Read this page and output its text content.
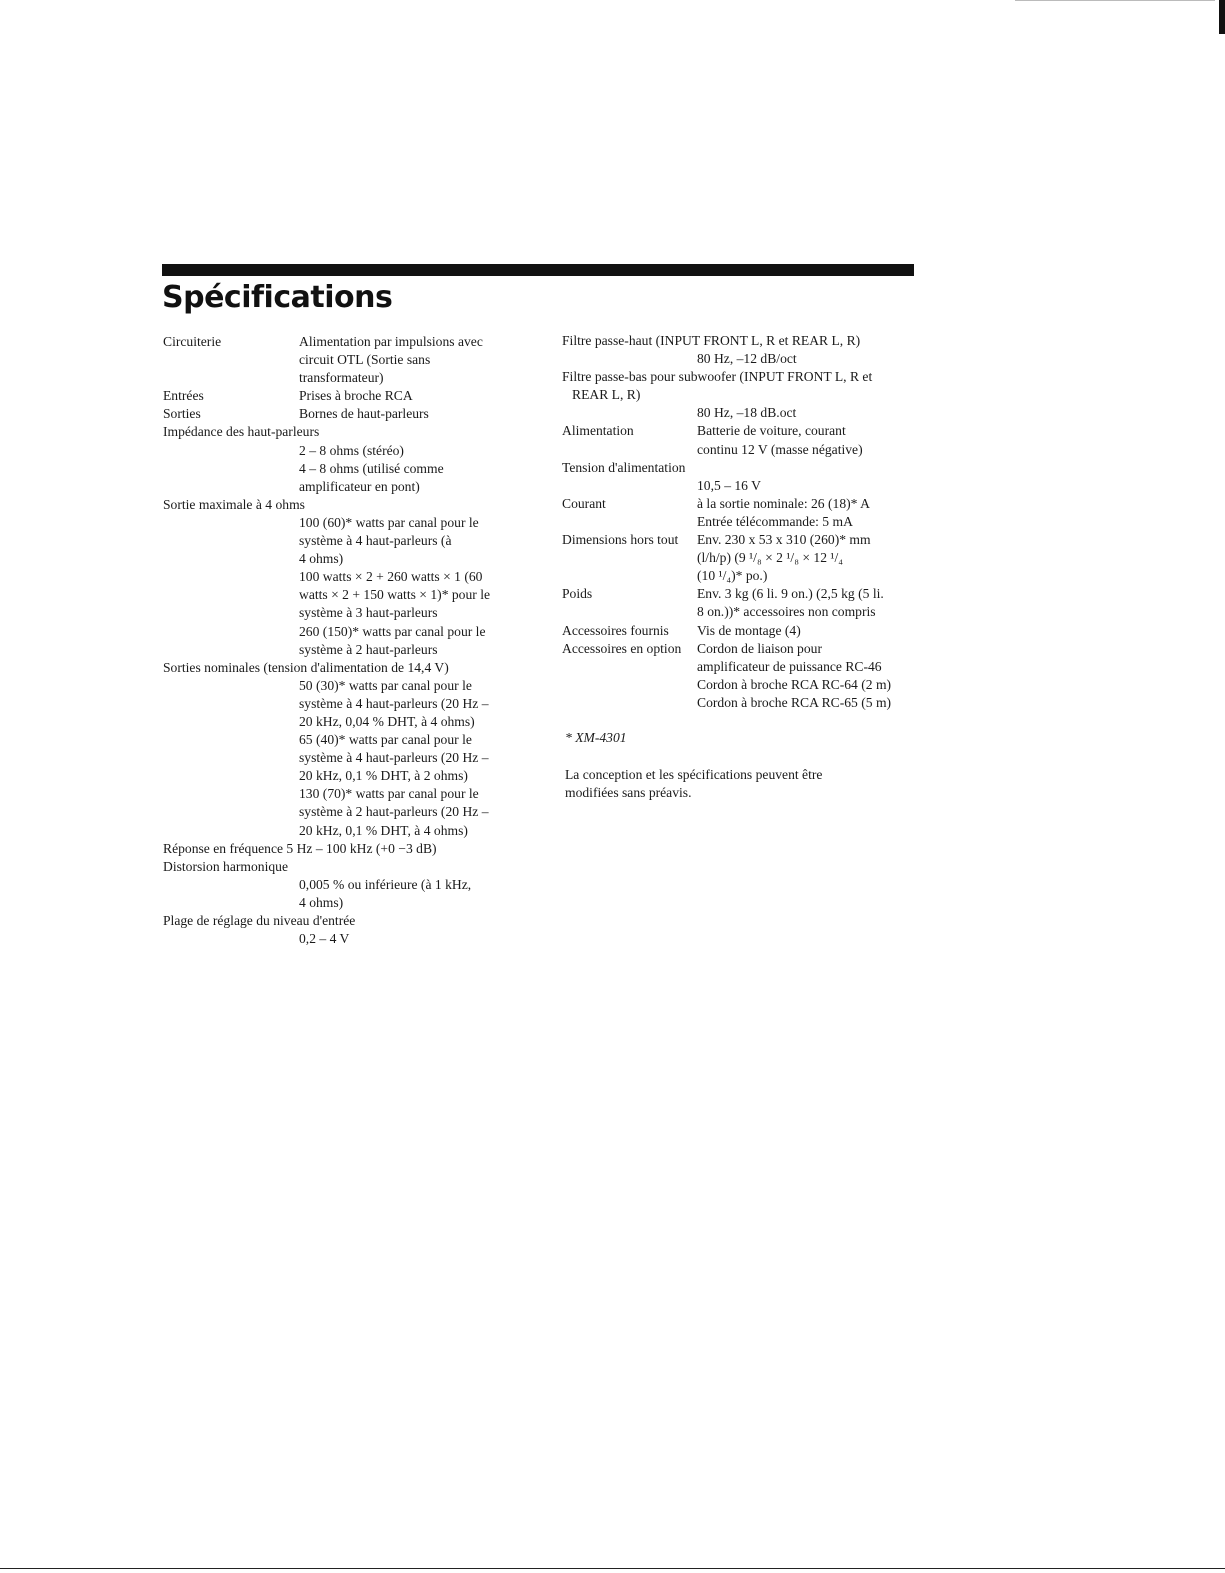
Spécifications
Circuiterie	Alimentation par impulsions avec
circuit OTL (Sortie sans
transformateur)
Entrées	Prises à broche RCA
Sorties	Bornes de haut-parleurs
Impédance des haut-parleurs
2 – 8 ohms (stéréo)
4 – 8 ohms (utilisé comme
amplificateur en pont)
Sortie maximale à 4 ohms
100 (60)* watts par canal pour le
système à 4 haut-parleurs (à
4 ohms)
100 watts × 2 + 260 watts × 1 (60
watts × 2 + 150 watts × 1)* pour le
système à 3 haut-parleurs
260 (150)* watts par canal pour le
système à 2 haut-parleurs
Sorties nominales (tension d'alimentation de 14,4 V)
50 (30)* watts par canal pour le
système à 4 haut-parleurs (20 Hz –
20 kHz, 0,04 % DHT, à 4 ohms)
65 (40)* watts par canal pour le
système à 4 haut-parleurs (20 Hz –
20 kHz, 0,1 % DHT, à 2 ohms)
130 (70)* watts par canal pour le
système à 2 haut-parleurs (20 Hz –
20 kHz, 0,1 % DHT, à 4 ohms)
Réponse en fréquence 5 Hz – 100 kHz (+0 −3 dB)
Distorsion harmonique
0,005 % ou inférieure (à 1 kHz,
4 ohms)
Plage de réglage du niveau d'entrée
0,2 – 4 V
Filtre passe-haut (INPUT FRONT L, R et REAR L, R)
80 Hz, –12 dB/oct
Filtre passe-bas pour subwoofer (INPUT FRONT L, R et
REAR L, R)
80 Hz, –18 dB.oct
Alimentation	Batterie de voiture, courant
continu 12 V (masse négative)
Tension d'alimentation
10,5 – 16 V
Courant	à la sortie nominale: 26 (18)* A
Entrée télécommande: 5 mA
Dimensions hors tout Env. 230 x 53 x 310 (260)* mm
(l/h/p) (9 ¹/₈ × 2 ¹/₈ × 12 ¹/₄
(10 ¹/₄)* po.)
Poids	Env. 3 kg (6 li. 9 on.) (2,5 kg (5 li.
8 on.))* accessoires non compris
Accessoires fournis Vis de montage (4)
Accessoires en option Cordon de liaison pour
amplificateur de puissance RC-46
Cordon à broche RCA RC-64 (2 m)
Cordon à broche RCA RC-65 (5 m)
* XM-4301
La conception et les spécifications peuvent être
modifiées sans préavis.
